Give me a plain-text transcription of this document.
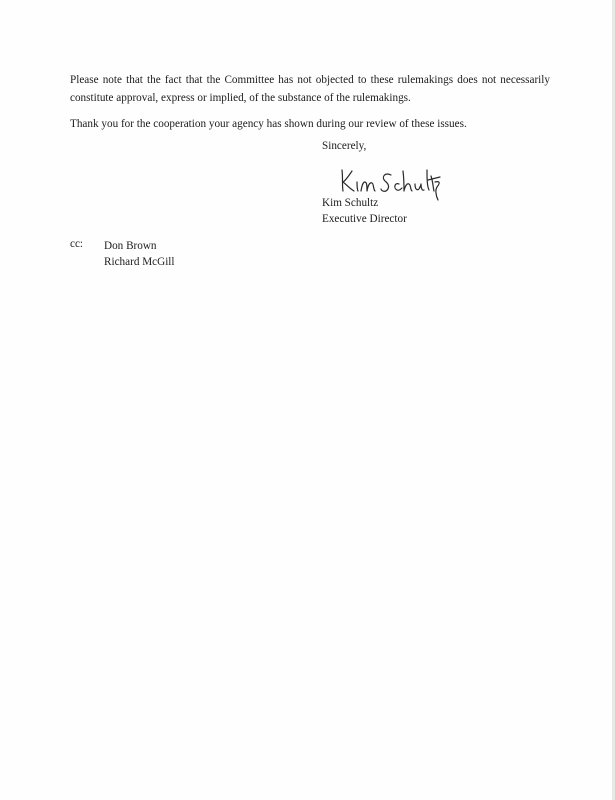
Please note that the fact that the Committee has not objected to these rulemakings does not necessarily constitute approval, express or implied, of the substance of the rulemakings.

Thank you for the cooperation your agency has shown during our review of these issues.

Sincerely,
Kim Schultz
Executive Director
cc: Don Brown
Richard McGill
